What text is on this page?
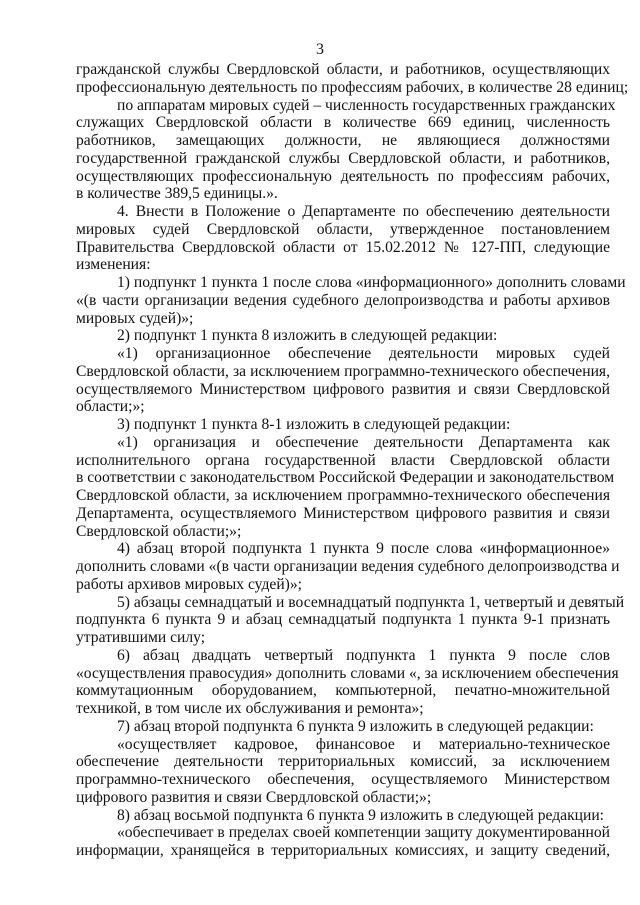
3
гражданской службы Свердловской области, и работников, осуществляющих
профессиональную деятельность по профессиям рабочих, в количестве 28 единиц;
по аппаратам мировых судей – численность государственных гражданских
служащих Свердловской области в количестве 669 единиц, численность
работников, замещающих должности, не являющиеся должностями
государственной гражданской службы Свердловской области, и работников,
осуществляющих профессиональную деятельность по профессиям рабочих,
в количестве 389,5 единицы.».
4. Внести в Положение о Департаменте по обеспечению деятельности
мировых судей Свердловской области, утвержденное постановлением
Правительства Свердловской области от 15.02.2012 № 127-ПП, следующие
изменения:
1) подпункт 1 пункта 1 после слова «информационного» дополнить словами
«(в части организации ведения судебного делопроизводства и работы архивов
мировых судей)»;
2) подпункт 1 пункта 8 изложить в следующей редакции:
«1) организационное обеспечение деятельности мировых судей
Свердловской области, за исключением программно-технического обеспечения,
осуществляемого Министерством цифрового развития и связи Свердловской
области;»;
3) подпункт 1 пункта 8-1 изложить в следующей редакции:
«1) организация и обеспечение деятельности Департамента как
исполнительного органа государственной власти Свердловской области
в соответствии с законодательством Российской Федерации и законодательством
Свердловской области, за исключением программно-технического обеспечения
Департамента, осуществляемого Министерством цифрового развития и связи
Свердловской области;»;
4) абзац второй подпункта 1 пункта 9 после слова «информационное»
дополнить словами «(в части организации ведения судебного делопроизводства и
работы архивов мировых судей)»;
5) абзацы семнадцатый и восемнадцатый подпункта 1, четвертый и девятый
подпункта 6 пункта 9 и абзац семнадцатый подпункта 1 пункта 9-1 признать
утратившими силу;
6) абзац двадцать четвертый подпункта 1 пункта 9 после слов
«осуществления правосудия» дополнить словами «, за исключением обеспечения
коммутационным оборудованием, компьютерной, печатно-множительной
техникой, в том числе их обслуживания и ремонта»;
7) абзац второй подпункта 6 пункта 9 изложить в следующей редакции:
«осуществляет кадровое, финансовое и материально-техническое
обеспечение деятельности территориальных комиссий, за исключением
программно-технического обеспечения, осуществляемого Министерством
цифрового развития и связи Свердловской области;»;
8) абзац восьмой подпункта 6 пункта 9 изложить в следующей редакции:
«обеспечивает в пределах своей компетенции защиту документированной
информации, хранящейся в территориальных комиссиях, и защиту сведений,
